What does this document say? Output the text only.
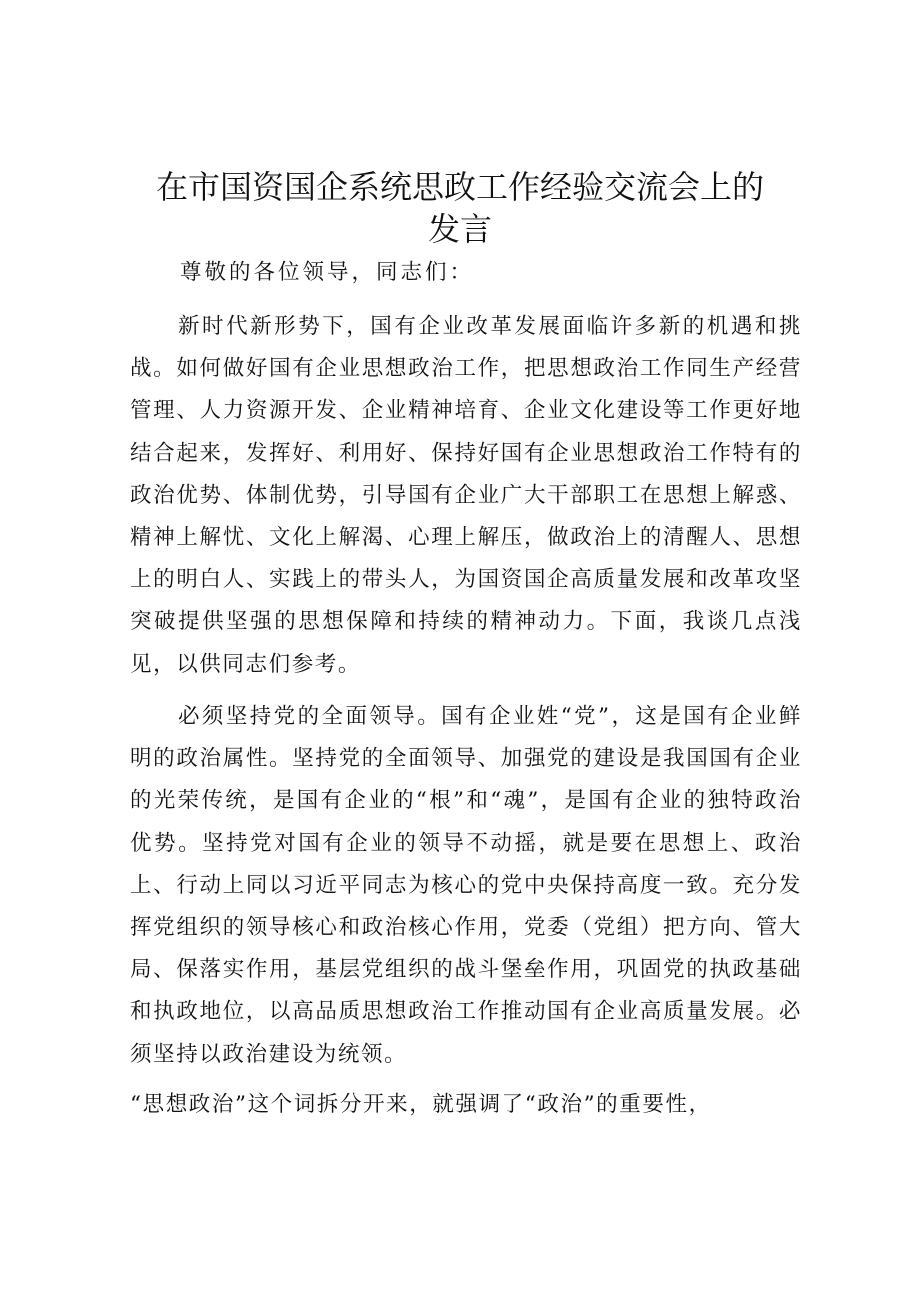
在市国资国企系统思政工作经验交流会上的发言
尊敬的各位领导，同志们：

新时代新形势下，国有企业改革发展面临许多新的机遇和挑战。如何做好国有企业思想政治工作，把思想政治工作同生产经营管理、人力资源开发、企业精神培育、企业文化建设等工作更好地结合起来，发挥好、利用好、保持好国有企业思想政治工作特有的政治优势、体制优势，引导国有企业广大干部职工在思想上解惑、精神上解忧、文化上解渴、心理上解压，做政治上的清醒人、思想上的明白人、实践上的带头人，为国资国企高质量发展和改革攻坚突破提供坚强的思想保障和持续的精神动力。下面，我谈几点浅见，以供同志们参考。

必须坚持党的全面领导。国有企业姓“党”，这是国有企业鲜明的政治属性。坚持党的全面领导、加强党的建设是我国国有企业的光荣传统，是国有企业的“根”和“魂”，是国有企业的独特政治优势。坚持党对国有企业的领导不动摇，就是要在思想上、政治上、行动上同以习近平同志为核心的党中央保持高度一致。充分发挥党组织的领导核心和政治核心作用，党委（党组）把方向、管大局、保落实作用，基层党组织的战斗堡垒作用，巩固党的执政基础和执政地位，以高品质思想政治工作推动国有企业高质量发展。必须坚持以政治建设为统领。

“思想政治”这个词拆分开来，就强调了“政治”的重要性，
